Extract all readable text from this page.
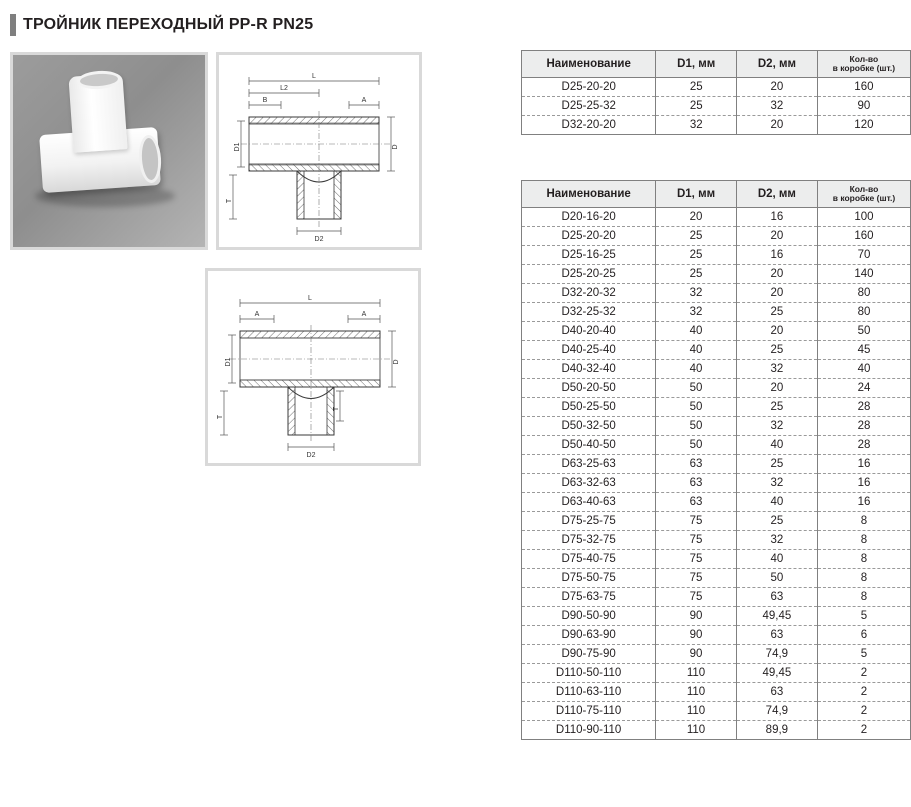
ТРОЙНИК ПЕРЕХОДНЫЙ PP-R PN25
L
L2
B	A
D1	D
T
D2
L
A	A
D1	D
T
T
D2
Наименование	D1, мм	D2, мм	Кол-во
в коробке (шт.)

D25-20-20	25	20	160
D25-25-32	25	32	90
D32-20-20	32	20	120
Наименование	D1, мм	D2, мм	Кол-во
в коробке (шт.)

D20-16-20	20	16	100
D25-20-20	25	20	160
D25-16-25	25	16	70
D25-20-25	25	20	140
D32-20-32	32	20	80
D32-25-32	32	25	80
D40-20-40	40	20	50
D40-25-40	40	25	45
D40-32-40	40	32	40
D50-20-50	50	20	24
D50-25-50	50	25	28
D50-32-50	50	32	28
D50-40-50	50	40	28
D63-25-63	63	25	16
D63-32-63	63	32	16
D63-40-63	63	40	16
D75-25-75	75	25	8
D75-32-75	75	32	8
D75-40-75	75	40	8
D75-50-75	75	50	8
D75-63-75	75	63	8
D90-50-90	90	49,45	5
D90-63-90	90	63	6
D90-75-90	90	74,9	5
D110-50-110	110	49,45	2
D110-63-110	110	63	2
D110-75-110	110	74,9	2
D110-90-110	110	89,9	2
